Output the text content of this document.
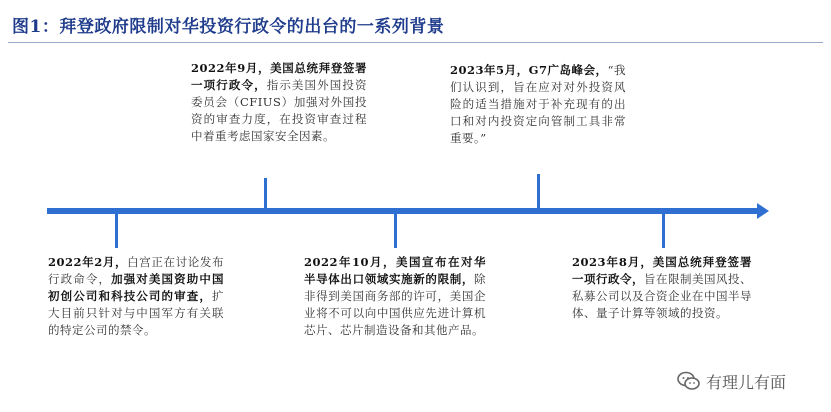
图1：拜登政府限制对华投资行政令的出台的一系列背景
2022年9月，美国总统拜登签署一项行政令，指示美国外国投资委员会（CFIUS）加强对外国投资的审查力度，在投资审查过程中着重考虑国家安全因素。
2023年5月，G7广岛峰会，“我们认识到，旨在应对对外投资风险的适当措施对于补充现有的出口和对内投资定向管制工具非常重要。”
2022年2月，白宫正在讨论发布行政命令，加强对美国资助中国初创公司和科技公司的审查，扩大目前只针对与中国军方有关联的特定公司的禁令。
2022年10月，美国宣布在对华半导体出口领域实施新的限制，除非得到美国商务部的许可，美国企业将不可以向中国供应先进计算机芯片、芯片制造设备和其他产品。
2023年8月，美国总统拜登签署一项行政令，旨在限制美国风投、私募公司以及合资企业在中国半导体、量子计算等领域的投资。
有理儿有面
